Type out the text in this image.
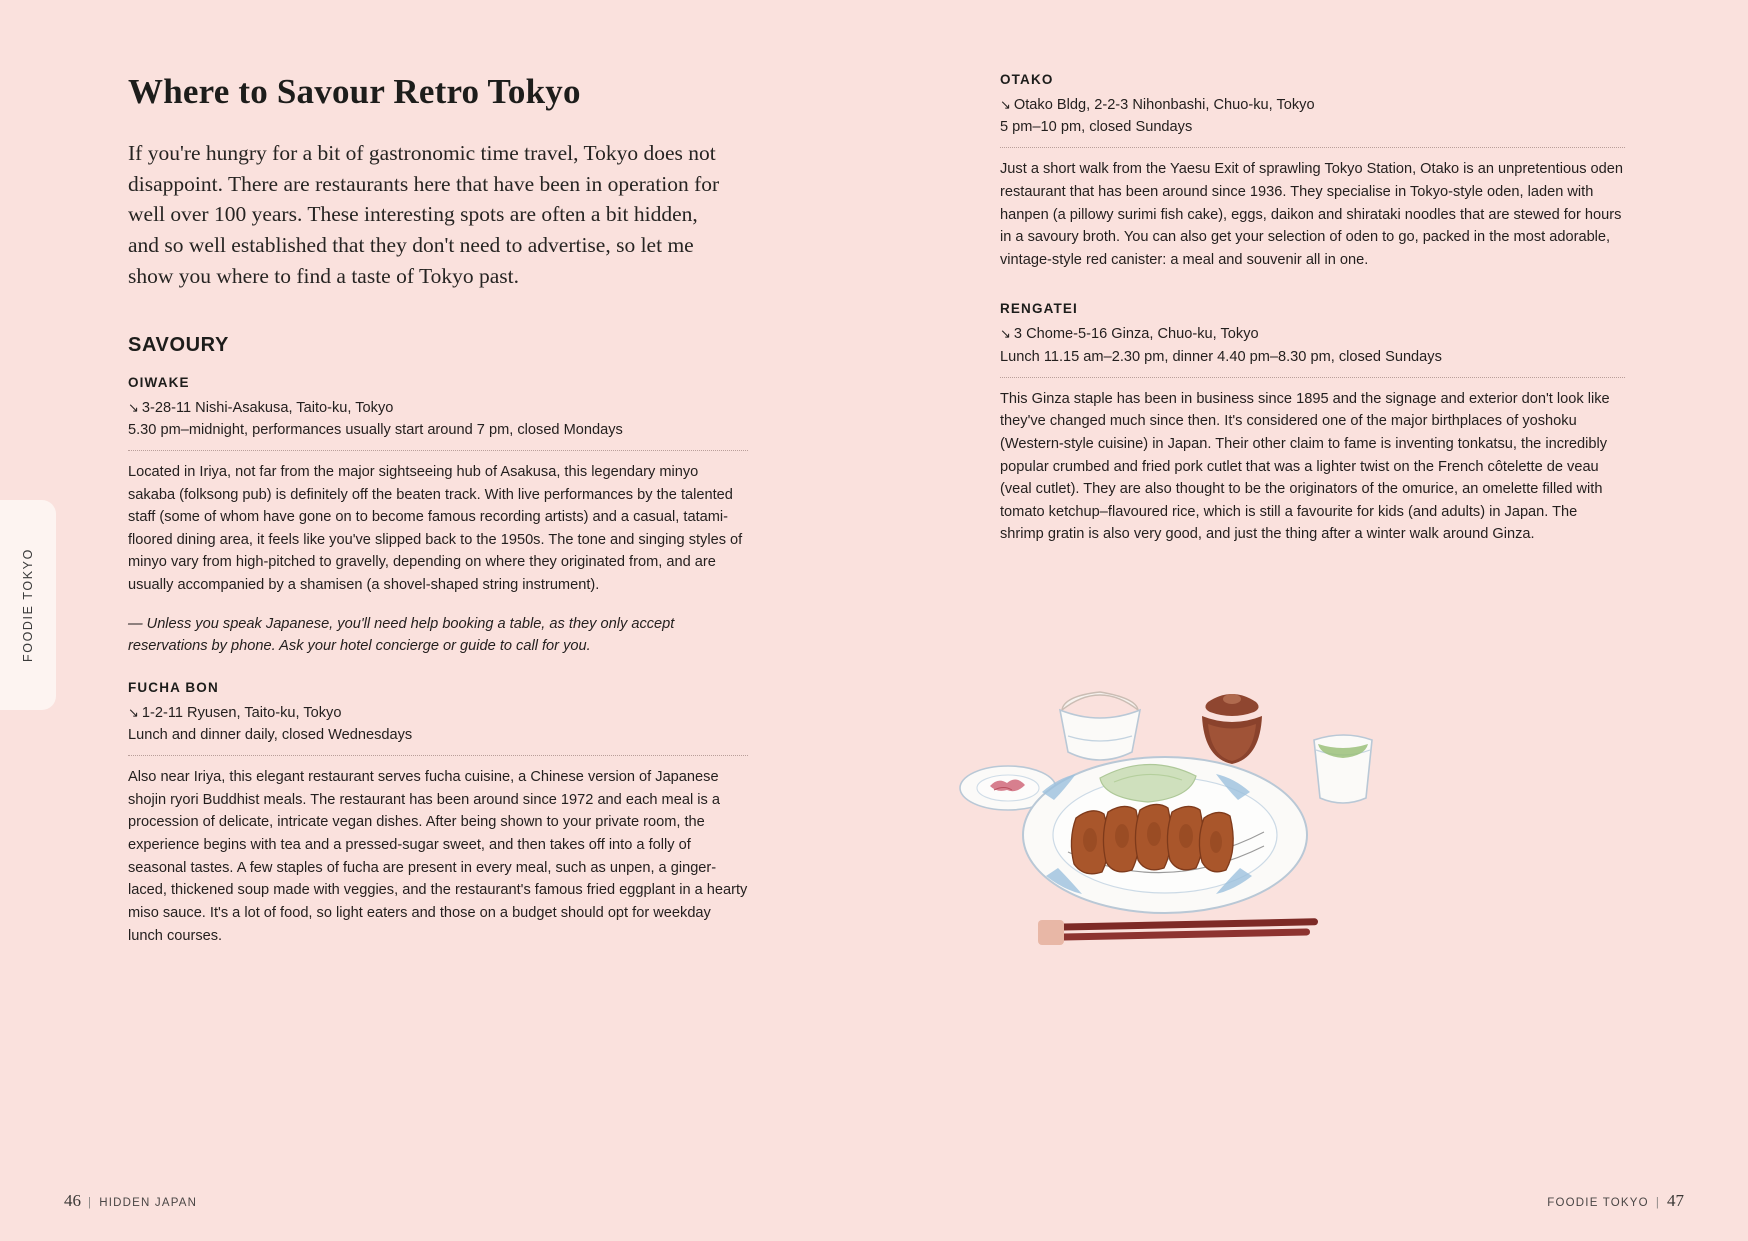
FOODIE TOKYO
Where to Savour Retro Tokyo
If you're hungry for a bit of gastronomic time travel, Tokyo does not disappoint. There are restaurants here that have been in operation for well over 100 years. These interesting spots are often a bit hidden, and so well established that they don't need to advertise, so let me show you where to find a taste of Tokyo past.
SAVOURY
OIWAKE
↘ 3-28-11 Nishi-Asakusa, Taito-ku, Tokyo
5.30 pm–midnight, performances usually start around 7 pm, closed Mondays
Located in Iriya, not far from the major sightseeing hub of Asakusa, this legendary minyo sakaba (folksong pub) is definitely off the beaten track. With live performances by the talented staff (some of whom have gone on to become famous recording artists) and a casual, tatami-floored dining area, it feels like you've slipped back to the 1950s. The tone and singing styles of minyo vary from high-pitched to gravelly, depending on where they originated from, and are usually accompanied by a shamisen (a shovel-shaped string instrument).
— Unless you speak Japanese, you'll need help booking a table, as they only accept reservations by phone. Ask your hotel concierge or guide to call for you.
FUCHA BON
↘ 1-2-11 Ryusen, Taito-ku, Tokyo
Lunch and dinner daily, closed Wednesdays
Also near Iriya, this elegant restaurant serves fucha cuisine, a Chinese version of Japanese shojin ryori Buddhist meals. The restaurant has been around since 1972 and each meal is a procession of delicate, intricate vegan dishes. After being shown to your private room, the experience begins with tea and a pressed-sugar sweet, and then takes off into a folly of seasonal tastes. A few staples of fucha are present in every meal, such as unpen, a ginger-laced, thickened soup made with veggies, and the restaurant's famous fried eggplant in a hearty miso sauce. It's a lot of food, so light eaters and those on a budget should opt for weekday lunch courses.
OTAKO
↘ Otako Bldg, 2-2-3 Nihonbashi, Chuo-ku, Tokyo
5 pm–10 pm, closed Sundays
Just a short walk from the Yaesu Exit of sprawling Tokyo Station, Otako is an unpretentious oden restaurant that has been around since 1936. They specialise in Tokyo-style oden, laden with hanpen (a pillowy surimi fish cake), eggs, daikon and shirataki noodles that are stewed for hours in a savoury broth. You can also get your selection of oden to go, packed in the most adorable, vintage-style red canister: a meal and souvenir all in one.
RENGATEI
↘ 3 Chome-5-16 Ginza, Chuo-ku, Tokyo
Lunch 11.15 am–2.30 pm, dinner 4.40 pm–8.30 pm, closed Sundays
This Ginza staple has been in business since 1895 and the signage and exterior don't look like they've changed much since then. It's considered one of the major birthplaces of yoshoku (Western-style cuisine) in Japan. Their other claim to fame is inventing tonkatsu, the incredibly popular crumbed and fried pork cutlet that was a lighter twist on the French côtelette de veau (veal cutlet). They are also thought to be the originators of the omurice, an omelette filled with tomato ketchup–flavoured rice, which is still a favourite for kids (and adults) in Japan. The shrimp gratin is also very good, and just the thing after a winter walk around Ginza.
46 | HIDDEN JAPAN	FOODIE TOKYO | 47
